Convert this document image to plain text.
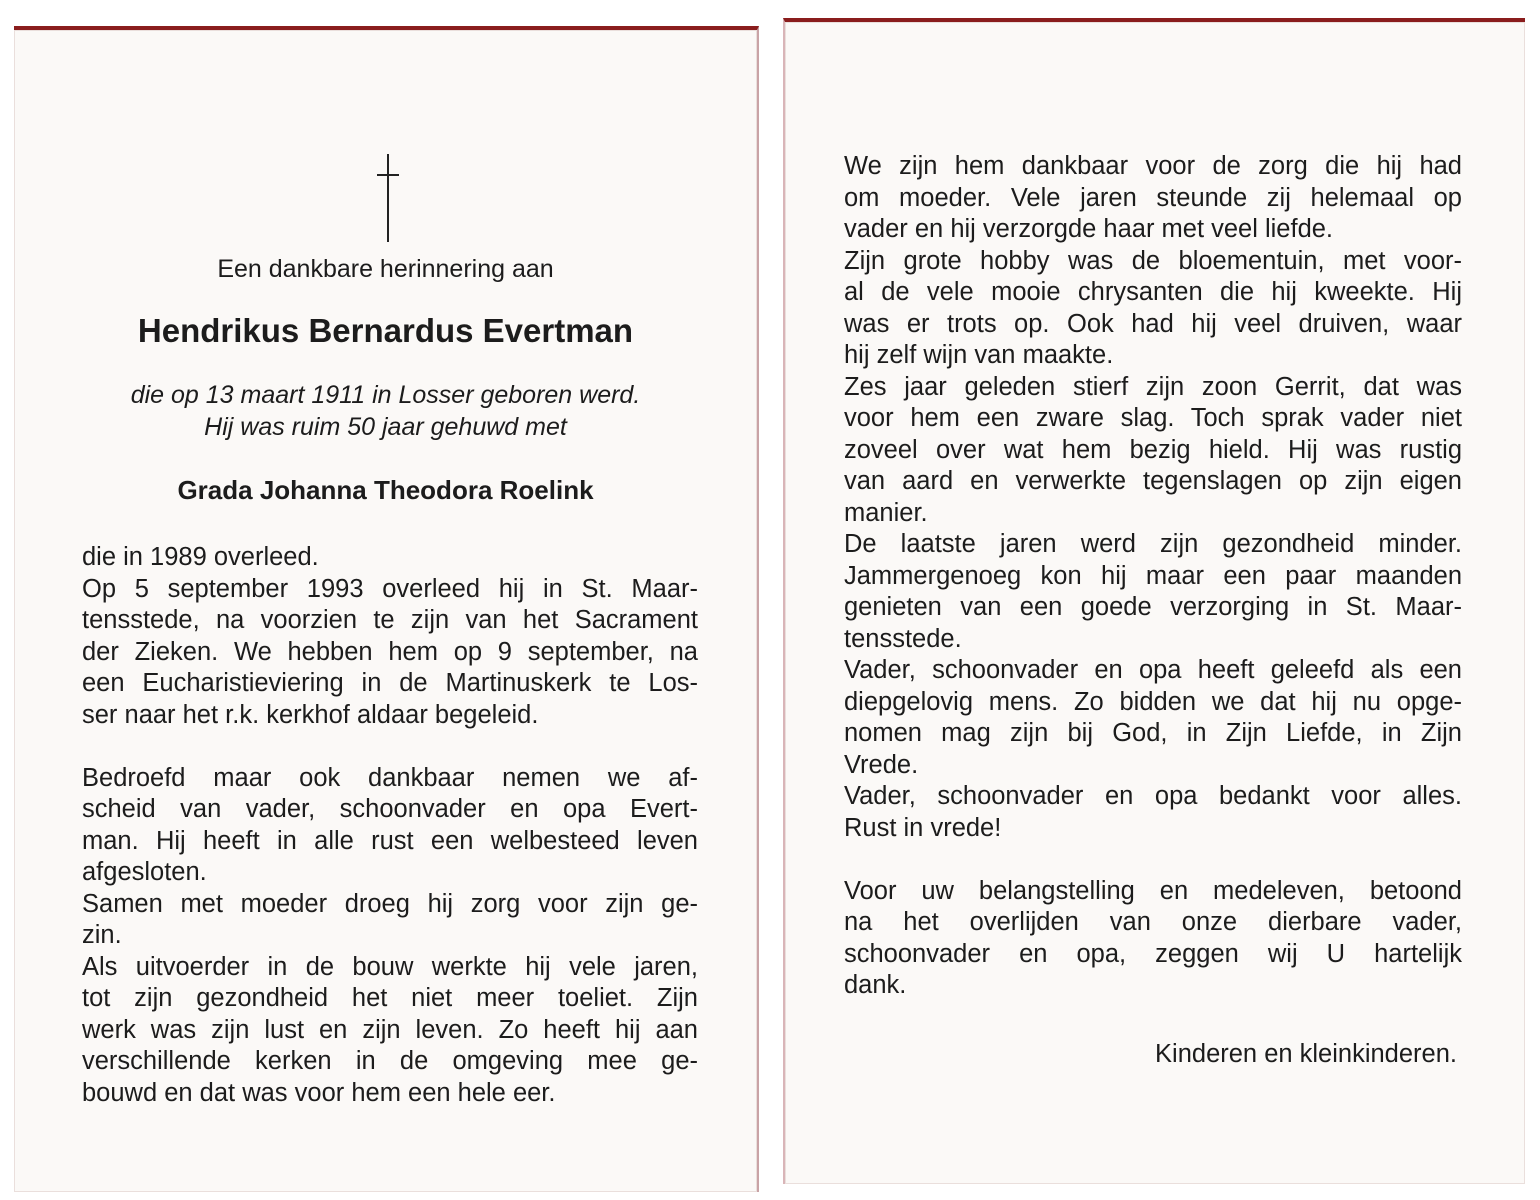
Een dankbare herinnering aan
Hendrikus Bernardus Evertman
die op 13 maart 1911 in Losser geboren werd.
Hij was ruim 50 jaar gehuwd met
Grada Johanna Theodora Roelink
die in 1989 overleed.
Op 5 september 1993 overleed hij in St. Maar-
tensstede, na voorzien te zijn van het Sacrament
der Zieken. We hebben hem op 9 september, na
een Eucharistieviering in de Martinuskerk te Los-
ser naar het r.k. kerkhof aldaar begeleid.
Bedroefd maar ook dankbaar nemen we af-
scheid van vader, schoonvader en opa Evert-
man. Hij heeft in alle rust een welbesteed leven
afgesloten.
Samen met moeder droeg hij zorg voor zijn ge-
zin.
Als uitvoerder in de bouw werkte hij vele jaren,
tot zijn gezondheid het niet meer toeliet. Zijn
werk was zijn lust en zijn leven. Zo heeft hij aan
verschillende kerken in de omgeving mee ge-
bouwd en dat was voor hem een hele eer.
We zijn hem dankbaar voor de zorg die hij had
om moeder. Vele jaren steunde zij helemaal op
vader en hij verzorgde haar met veel liefde.
Zijn grote hobby was de bloementuin, met voor-
al de vele mooie chrysanten die hij kweekte. Hij
was er trots op. Ook had hij veel druiven, waar
hij zelf wijn van maakte.
Zes jaar geleden stierf zijn zoon Gerrit, dat was
voor hem een zware slag. Toch sprak vader niet
zoveel over wat hem bezig hield. Hij was rustig
van aard en verwerkte tegenslagen op zijn eigen
manier.
De laatste jaren werd zijn gezondheid minder.
Jammergenoeg kon hij maar een paar maanden
genieten van een goede verzorging in St. Maar-
tensstede.
Vader, schoonvader en opa heeft geleefd als een
diepgelovig mens. Zo bidden we dat hij nu opge-
nomen mag zijn bij God, in Zijn Liefde, in Zijn
Vrede.
Vader, schoonvader en opa bedankt voor alles.
Rust in vrede!
Voor uw belangstelling en medeleven, betoond
na het overlijden van onze dierbare vader,
schoonvader en opa, zeggen wij U hartelijk
dank.
Kinderen en kleinkinderen.
